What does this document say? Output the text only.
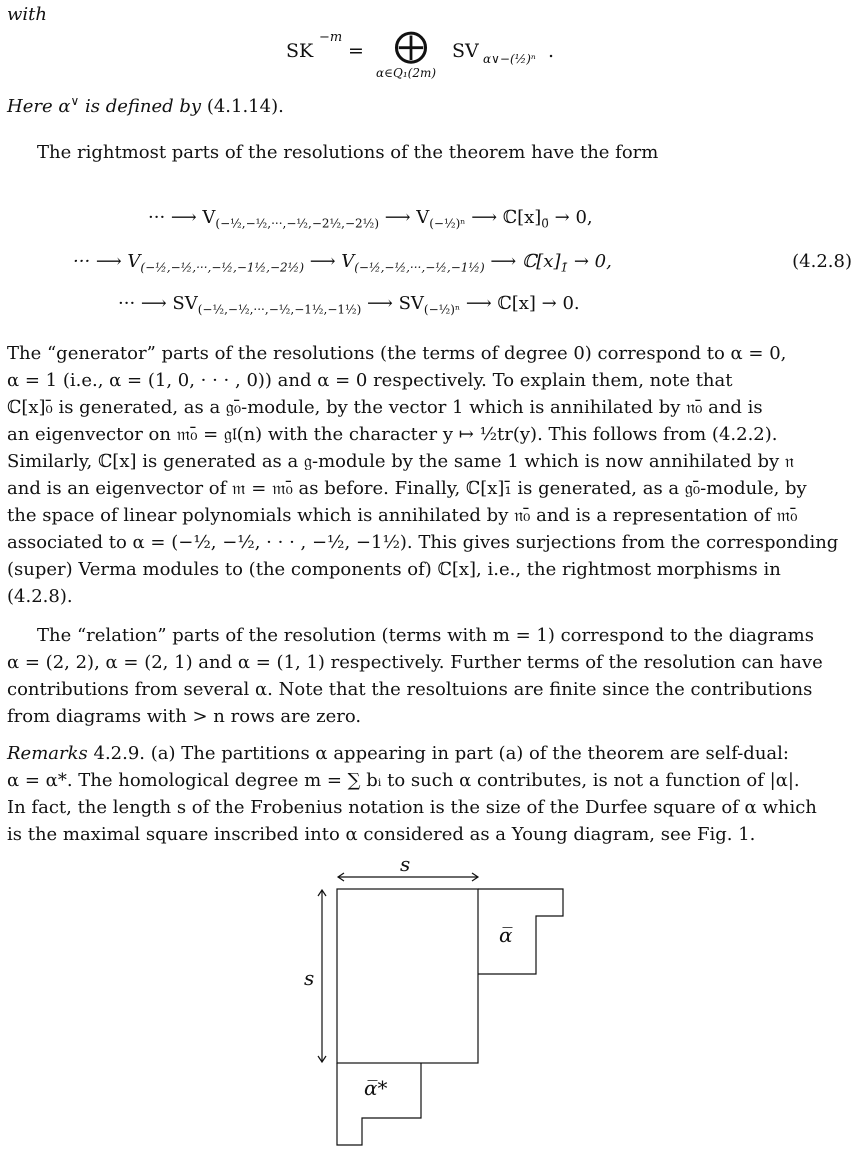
with
SK
−m
= ⨁
α∈Q₁(2m)
SV α∨−(½)ⁿ .
Here α∨ is defined by (4.1.14).
The rightmost parts of the resolutions of the theorem have the form
··· ⟶ $V_{(-\frac{1}{2},-\frac{1}{2},\cdot\cdot\cdot,-\frac{1}{2},-2\frac{1}{2},-2\frac{1}{2})}$ ⟶ $V_{(-\frac{1}{2})^n}$ ⟶ $ℂ[x]_{0̄} \to 0$,
··· ⟶ $V_{(-\frac{1}{2},-\frac{1}{2},\cdot\cdot\cdot,-\frac{1}{2},-1\frac{1}{2},-2\frac{1}{2})}$ ⟶ $V_{(-\frac{1}{2},-\frac{1}{2},\cdot\cdot\cdot,-\frac{1}{2},-1\frac{1}{2})}$ ⟶ $ℂ[x]_{1̄} \to 0$,
··· ⟶ $SV_{(-\frac{1}{2},-\frac{1}{2},\cdot\cdot\cdot,-\frac{1}{2},-1\frac{1}{2},-1\frac{1}{2})}$ ⟶ $SV_{(-\frac{1}{2})^n}$ ⟶ ℂ[x] → 0.
(4.2.8)
The “generator” parts of the resolutions (the terms of degree 0) correspond to α = 0,
α = 1 (i.e., α = (1, 0, · · · , 0)) and α = 0 respectively. To explain them, note that
ℂ[x]₀̄ is generated, as a 𝔤₀̄-module, by the vector 1 which is annihilated by 𝔫₀̄ and is
an eigenvector on 𝔪₀̄ = 𝔤𝔩(n) with the character y ↦ ½tr(y). This follows from (4.2.2).
Similarly, ℂ[x] is generated as a 𝔤-module by the same 1 which is now annihilated by 𝔫
and is an eigenvector of 𝔪 = 𝔪₀̄ as before. Finally, ℂ[x]₁̄ is generated, as a 𝔤₀̄-module, by
the space of linear polynomials which is annihilated by 𝔫₀̄ and is a representation of 𝔪₀̄
associated to α = (−½, −½, · · · , −½, −1½). This gives surjections from the corresponding
(super) Verma modules to (the components of) ℂ[x], i.e., the rightmost morphisms in
(4.2.8).
The “relation” parts of the resolution (terms with m = 1) correspond to the diagrams
α = (2, 2), α = (2, 1) and α = (1, 1) respectively. Further terms of the resolution can have
contributions from several α. Note that the resoltuions are finite since the contributions
from diagrams with > n rows are zero.
Remarks 4.2.9. (a) The partitions α appearing in part (a) of the theorem are self-dual:
α = α*. The homological degree m = ∑ bᵢ to such α contributes, is not a function of |α|.
In fact, the length s of the Frobenius notation is the size of the Durfee square of α which
is the maximal square inscribed into α considered as a Young diagram, see Fig. 1.
s
s
α̅
α̅*
